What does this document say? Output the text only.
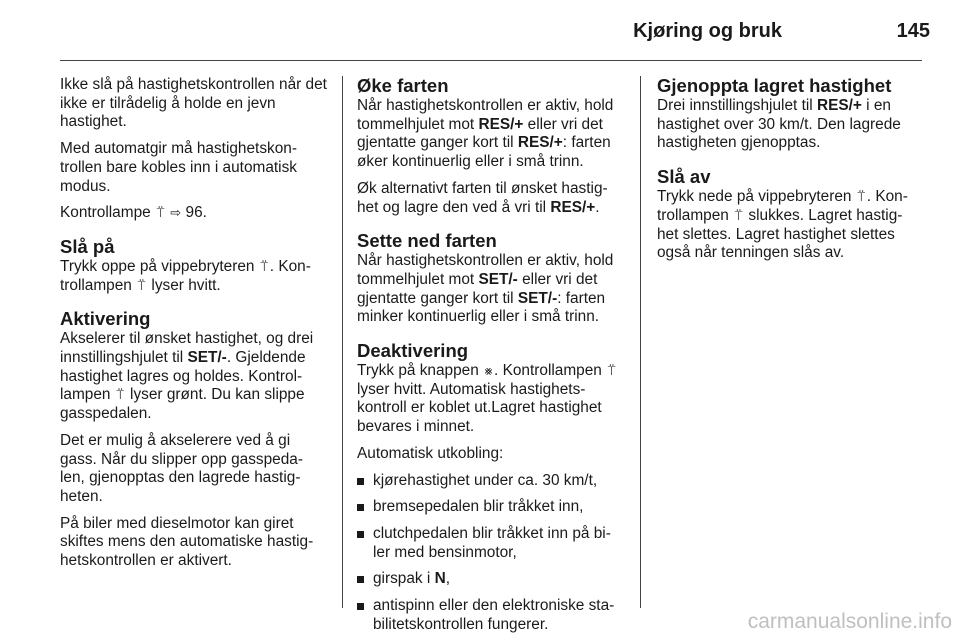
Kjøring og bruk	145

Ikke slå på hastighetskontrollen når det ikke er tilrådelig å holde en jevn hastighet.

Med automatgir må hastighetskon- trollen bare kobles inn i automatisk modus.

Kontrollampe ⍡ ⇨ 96.

Slå på

Trykk oppe på vippebryteren ⍡ . Kon- trollampen ⍡ lyser hvitt.

Aktivering

Akselerer til ønsket hastighet, og drei innstillingshjulet til SET/-. Gjeldende hastighet lagres og holdes. Kontrol- lampen ⍡ lyser grønt. Du kan slippe gasspedalen.

Det er mulig å akselerere ved å gi gass. Når du slipper opp gasspeda- len, gjenopptas den lagrede hastig- heten.

På biler med dieselmotor kan giret skiftes mens den automatiske hastig- hetskontrollen er aktivert.

Øke farten

Når hastighetskontrollen er aktiv, hold tommelhjulet mot RES/+ eller vri det gjentatte ganger kort til RES/+: farten øker kontinuerlig eller i små trinn.

Øk alternativt farten til ønsket hastig- het og lagre den ved å vri til RES/+.

Sette ned farten

Når hastighetskontrollen er aktiv, hold tommelhjulet mot SET/- eller vri det gjentatte ganger kort til SET/-: farten minker kontinuerlig eller i små trinn.

Deaktivering

Trykk på knappen ⨳. Kontrollampen ⍡ lyser hvitt. Automatisk hastighets- kontroll er koblet ut.Lagret hastighet bevares i minnet.

Automatisk utkobling:

kjørehastighet under ca. 30 km/t,
bremsepedalen blir tråkket inn,
clutchpedalen blir tråkket inn på bi- ler med bensinmotor,
girspak i N,
antispinn eller den elektroniske sta- bilitetskontrollen fungerer.
Gjenoppta lagret hastighet

Drei innstillingshjulet til RES/+ i en hastighet over 30 km/t. Den lagrede hastigheten gjenopptas.

Slå av

Trykk nede på vippebryteren ⍡ . Kon- trollampen ⍡ slukkes. Lagret hastig- het slettes. Lagret hastighet slettes også når tenningen slås av.

carmanualsonline.info
